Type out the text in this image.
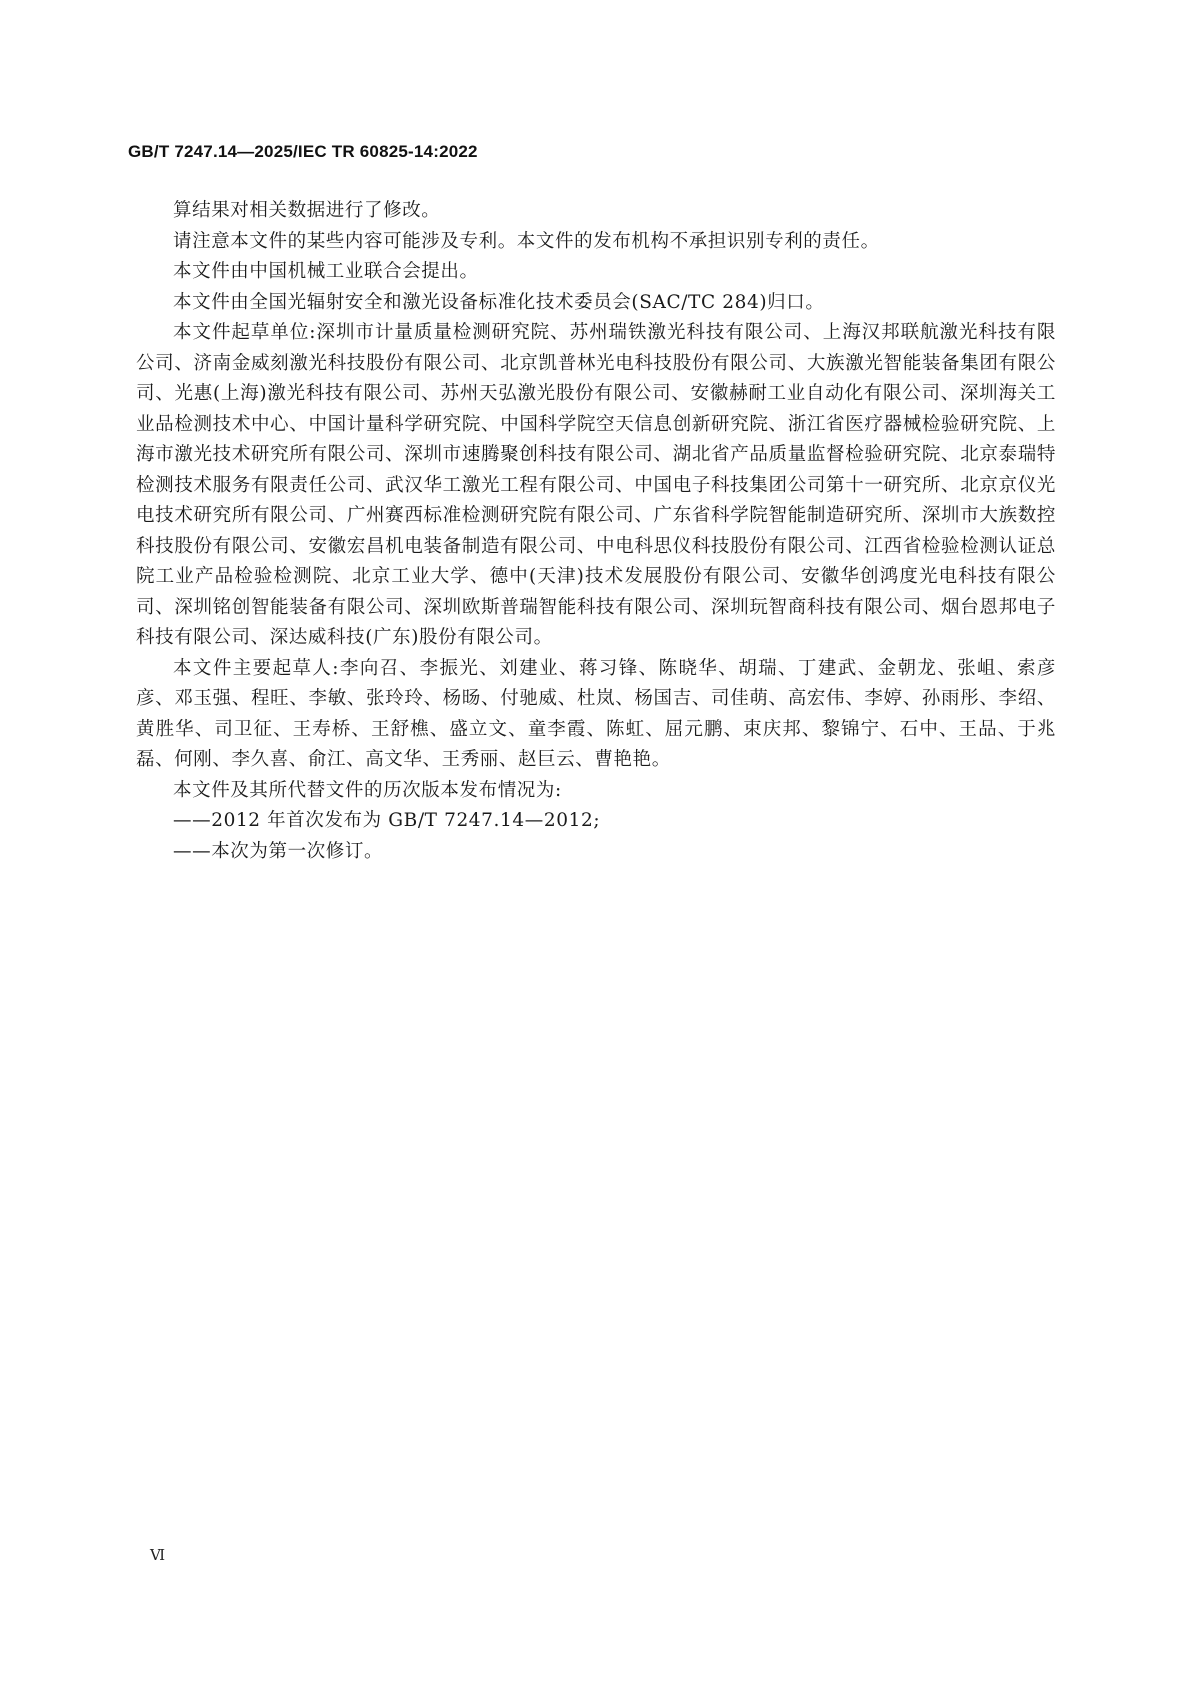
GB/T 7247.14—2025/IEC TR 60825-14:2022

算结果对相关数据进行了修改。

请注意本文件的某些内容可能涉及专利。本文件的发布机构不承担识别专利的责任。

本文件由中国机械工业联合会提出。

本文件由全国光辐射安全和激光设备标准化技术委员会(SAC/TC 284)归口。

本文件起草单位:深圳市计量质量检测研究院、苏州瑞铁激光科技有限公司、上海汉邦联航激光科技有限公司、济南金威刻激光科技股份有限公司、北京凯普林光电科技股份有限公司、大族激光智能装备集团有限公司、光惠(上海)激光科技有限公司、苏州天弘激光股份有限公司、安徽赫耐工业自动化有限公司、深圳海关工业品检测技术中心、中国计量科学研究院、中国科学院空天信息创新研究院、浙江省医疗器械检验研究院、上海市激光技术研究所有限公司、深圳市速腾聚创科技有限公司、湖北省产品质量监督检验研究院、北京泰瑞特检测技术服务有限责任公司、武汉华工激光工程有限公司、中国电子科技集团公司第十一研究所、北京京仪光电技术研究所有限公司、广州赛西标准检测研究院有限公司、广东省科学院智能制造研究所、深圳市大族数控科技股份有限公司、安徽宏昌机电装备制造有限公司、中电科思仪科技股份有限公司、江西省检验检测认证总院工业产品检验检测院、北京工业大学、德中(天津)技术发展股份有限公司、安徽华创鸿度光电科技有限公司、深圳铭创智能装备有限公司、深圳欧斯普瑞智能科技有限公司、深圳玩智商科技有限公司、烟台恩邦电子科技有限公司、深达威科技(广东)股份有限公司。

本文件主要起草人:李向召、李振光、刘建业、蒋习锋、陈晓华、胡瑞、丁建武、金朝龙、张岨、索彦彦、邓玉强、程旺、李敏、张玲玲、杨旸、付驰威、杜岚、杨国吉、司佳萌、高宏伟、李婷、孙雨彤、李绍、黄胜华、司卫征、王寿桥、王舒樵、盛立文、童李霞、陈虹、屈元鹏、束庆邦、黎锦宁、石中、王品、于兆磊、何刚、李久喜、俞江、高文华、王秀丽、赵巨云、曹艳艳。

本文件及其所代替文件的历次版本发布情况为:

——2012 年首次发布为 GB/T 7247.14—2012;

——本次为第一次修订。

Ⅵ
